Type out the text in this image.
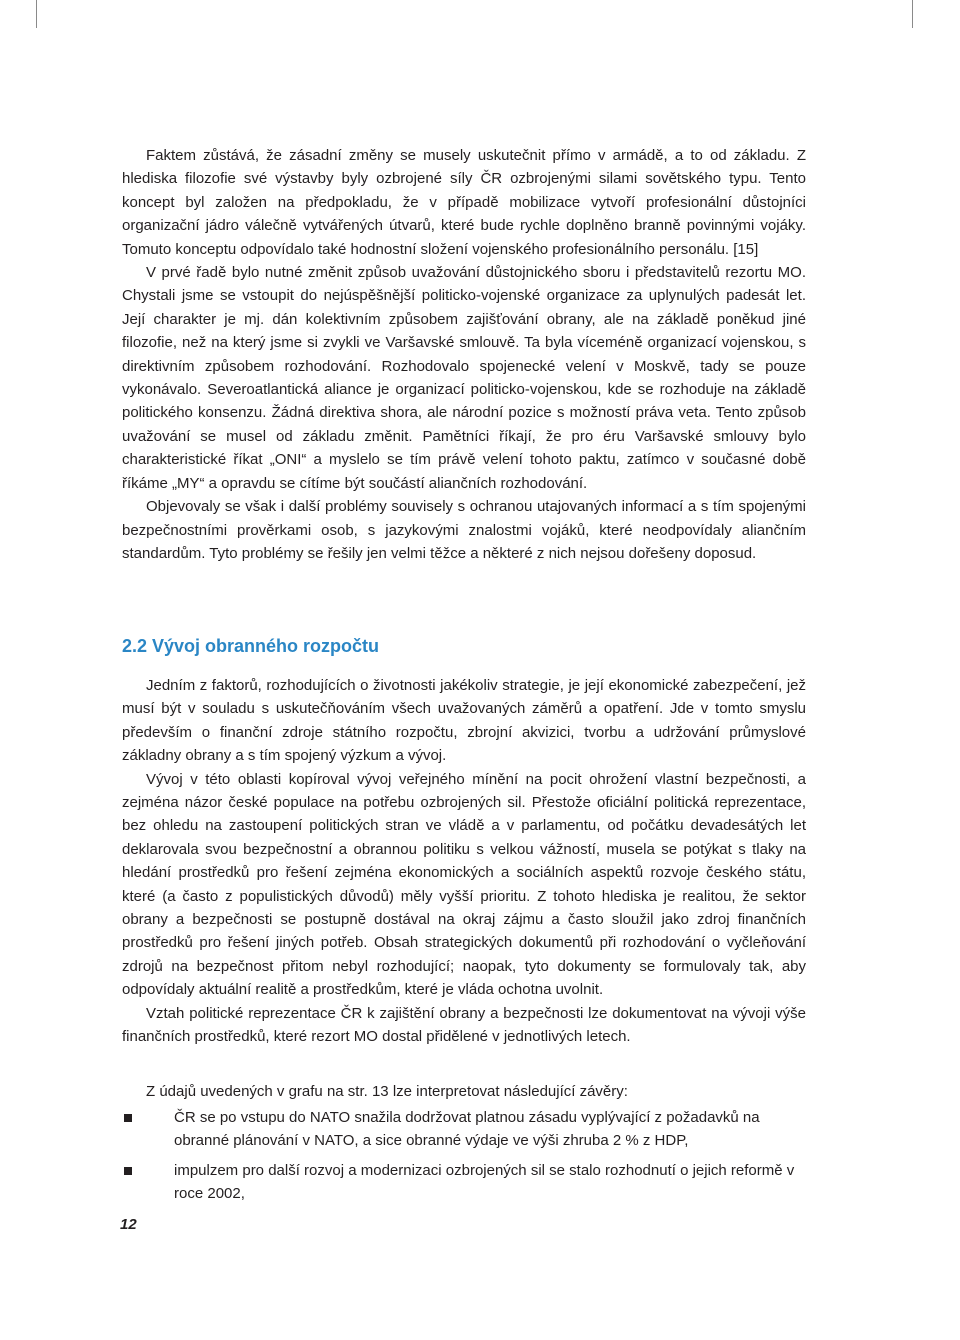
Faktem zůstává, že zásadní změny se musely uskutečnit přímo v armádě, a to od základu. Z hlediska filozofie své výstavby byly ozbrojené síly ČR ozbrojenými silami sovětského typu. Tento koncept byl založen na předpokladu, že v případě mobilizace vytvoří profesionální důstojníci organizační jádro válečně vytvářených útvarů, které bude rychle doplněno branně povinnými vojáky. Tomuto konceptu odpovídalo také hodnostní složení vojenského profesionálního personálu. [15]

V prvé řadě bylo nutné změnit způsob uvažování důstojnického sboru i představitelů rezortu MO. Chystali jsme se vstoupit do nejúspěšnější politicko-vojenské organizace za uplynulých padesát let. Její charakter je mj. dán kolektivním způsobem zajišťování obrany, ale na základě poněkud jiné filozofie, než na který jsme si zvykli ve Varšavské smlouvě. Ta byla víceméně organizací vojenskou, s direktivním způsobem rozhodování. Rozhodovalo spojenecké velení v Moskvě, tady se pouze vykonávalo. Severoatlantická aliance je organizací politicko-vojenskou, kde se rozhoduje na základě politického konsenzu. Žádná direktiva shora, ale národní pozice s možností práva veta. Tento způsob uvažování se musel od základu změnit. Pamětníci říkají, že pro éru Varšavské smlouvy bylo charakteristické říkat „ONI“ a myslelo se tím právě velení tohoto paktu, zatímco v současné době říkáme „MY“ a opravdu se cítíme být součástí aliančních rozhodování.

Objevovaly se však i další problémy souvisely s ochranou utajovaných informací a s tím spojenými bezpečnostními prověrkami osob, s jazykovými znalostmi vojáků, které neodpovídaly aliančním standardům. Tyto problémy se řešily jen velmi těžce a některé z nich nejsou dořešeny doposud.

2.2 Vývoj obranného rozpočtu

Jedním z faktorů, rozhodujících o životnosti jakékoliv strategie, je její ekonomické zabezpečení, jež musí být v souladu s uskutečňováním všech uvažovaných záměrů a opatření. Jde v tomto smyslu především o finanční zdroje státního rozpočtu, zbrojní akvizici, tvorbu a udržování průmyslové základny obrany a s tím spojený výzkum a vývoj.

Vývoj v této oblasti kopíroval vývoj veřejného mínění na pocit ohrožení vlastní bezpečnosti, a zejména názor české populace na potřebu ozbrojených sil. Přestože oficiální politická reprezentace, bez ohledu na zastoupení politických stran ve vládě a v parlamentu, od počátku devadesátých let deklarovala svou bezpečnostní a obrannou politiku s velkou vážností, musela se potýkat s tlaky na hledání prostředků pro řešení zejména ekonomických a sociálních aspektů rozvoje českého státu, které (a často z populistických důvodů) měly vyšší prioritu. Z tohoto hlediska je realitou, že sektor obrany a bezpečnosti se postupně dostával na okraj zájmu a často sloužil jako zdroj finančních prostředků pro řešení jiných potřeb. Obsah strategických dokumentů při rozhodování o vyčleňování zdrojů na bezpečnost přitom nebyl rozhodující; naopak, tyto dokumenty se formulovaly tak, aby odpovídaly aktuální realitě a prostředkům, které je vláda ochotna uvolnit.

Vztah politické reprezentace ČR k zajištění obrany a bezpečnosti lze dokumentovat na vývoji výše finančních prostředků, které rezort MO dostal přidělené v jednotlivých letech.

Z údajů uvedených v grafu na str. 13 lze interpretovat následující závěry:

ČR se po vstupu do NATO snažila dodržovat platnou zásadu vyplývající z požadavků na obranné plánování v NATO, a sice obranné výdaje ve výši zhruba 2 % z HDP,
impulzem pro další rozvoj a modernizaci ozbrojených sil se stalo rozhodnutí o jejich reformě v roce 2002,
12
